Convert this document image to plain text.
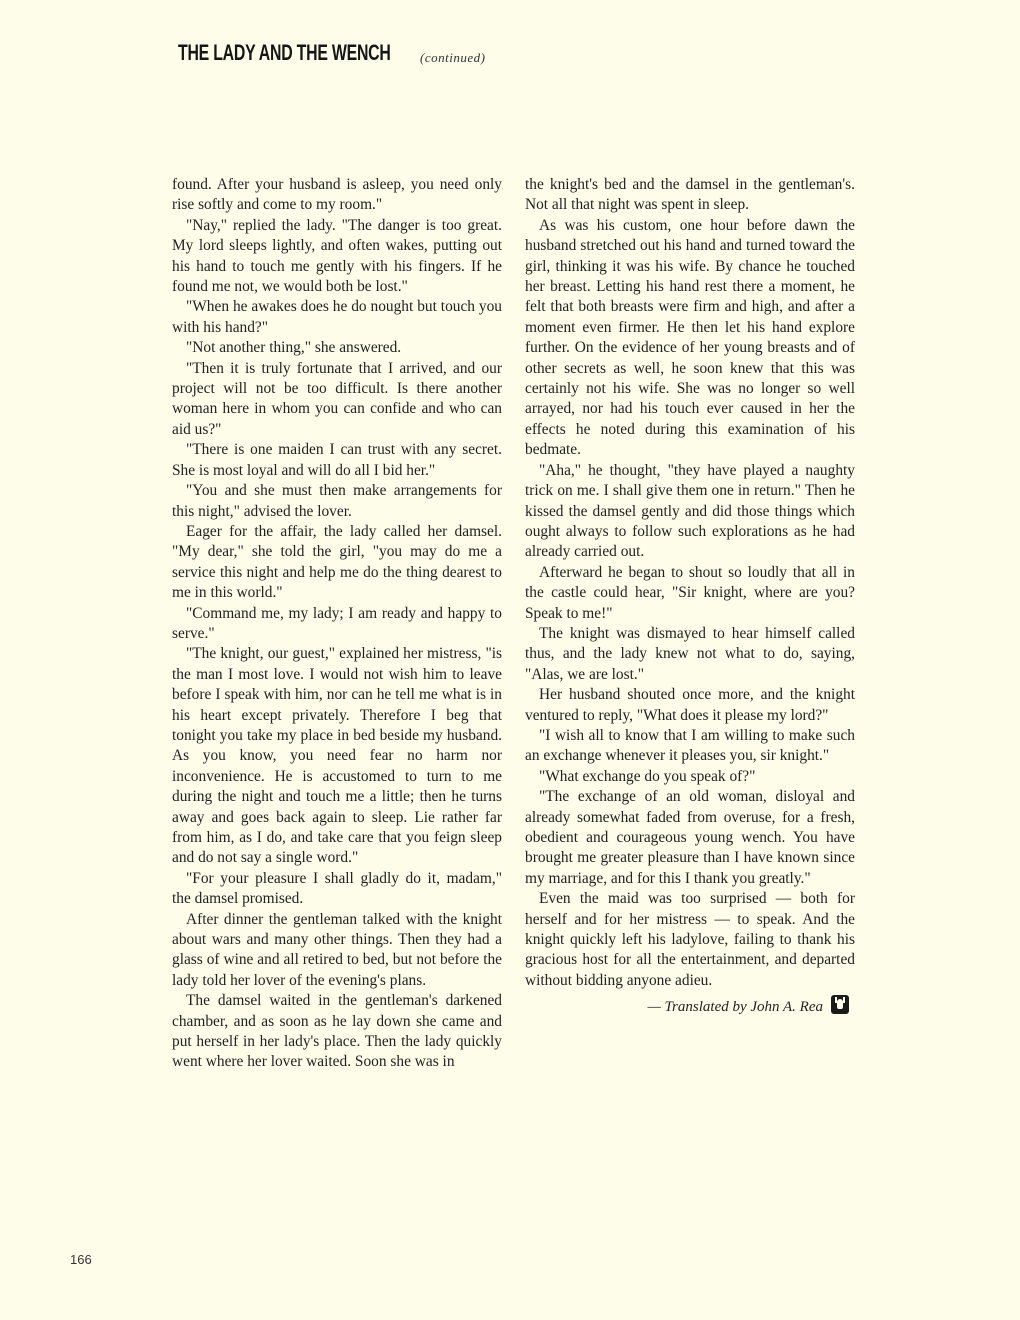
THE LADY AND THE WENCH (continued)

found. After your husband is asleep, you need only rise softly and come to my room."

"Nay," replied the lady. "The danger is too great. My lord sleeps lightly, and often wakes, putting out his hand to touch me gently with his fingers. If he found me not, we would both be lost."

"When he awakes does he do nought but touch you with his hand?"

"Not another thing," she answered.

"Then it is truly fortunate that I arrived, and our project will not be too difficult. Is there another woman here in whom you can confide and who can aid us?"

"There is one maiden I can trust with any secret. She is most loyal and will do all I bid her."

"You and she must then make arrangements for this night," advised the lover.

Eager for the affair, the lady called her damsel. "My dear," she told the girl, "you may do me a service this night and help me do the thing dearest to me in this world."

"Command me, my lady; I am ready and happy to serve."

"The knight, our guest," explained her mistress, "is the man I most love. I would not wish him to leave before I speak with him, nor can he tell me what is in his heart except privately. Therefore I beg that tonight you take my place in bed beside my husband. As you know, you need fear no harm nor inconvenience. He is accustomed to turn to me during the night and touch me a little; then he turns away and goes back again to sleep. Lie rather far from him, as I do, and take care that you feign sleep and do not say a single word."

"For your pleasure I shall gladly do it, madam," the damsel promised.

After dinner the gentleman talked with the knight about wars and many other things. Then they had a glass of wine and all retired to bed, but not before the lady told her lover of the evening's plans.

The damsel waited in the gentleman's darkened chamber, and as soon as he lay down she came and put herself in her lady's place. Then the lady quickly went where her lover waited. Soon she was in

the knight's bed and the damsel in the gentleman's. Not all that night was spent in sleep.

As was his custom, one hour before dawn the husband stretched out his hand and turned toward the girl, thinking it was his wife. By chance he touched her breast. Letting his hand rest there a moment, he felt that both breasts were firm and high, and after a moment even firmer. He then let his hand explore further. On the evidence of her young breasts and of other secrets as well, he soon knew that this was certainly not his wife. She was no longer so well arrayed, nor had his touch ever caused in her the effects he noted during this examination of his bedmate.

"Aha," he thought, "they have played a naughty trick on me. I shall give them one in return." Then he kissed the damsel gently and did those things which ought always to follow such explorations as he had already carried out.

Afterward he began to shout so loudly that all in the castle could hear, "Sir knight, where are you? Speak to me!"

The knight was dismayed to hear himself called thus, and the lady knew not what to do, saying, "Alas, we are lost."

Her husband shouted once more, and the knight ventured to reply, "What does it please my lord?"

"I wish all to know that I am willing to make such an exchange whenever it pleases you, sir knight."

"What exchange do you speak of?"

"The exchange of an old woman, disloyal and already somewhat faded from overuse, for a fresh, obedient and courageous young wench. You have brought me greater pleasure than I have known since my marriage, and for this I thank you greatly."

Even the maid was too surprised — both for herself and for her mistress — to speak. And the knight quickly left his ladylove, failing to thank his gracious host for all the entertainment, and departed without bidding anyone adieu.

— Translated by John A. Rea
166
